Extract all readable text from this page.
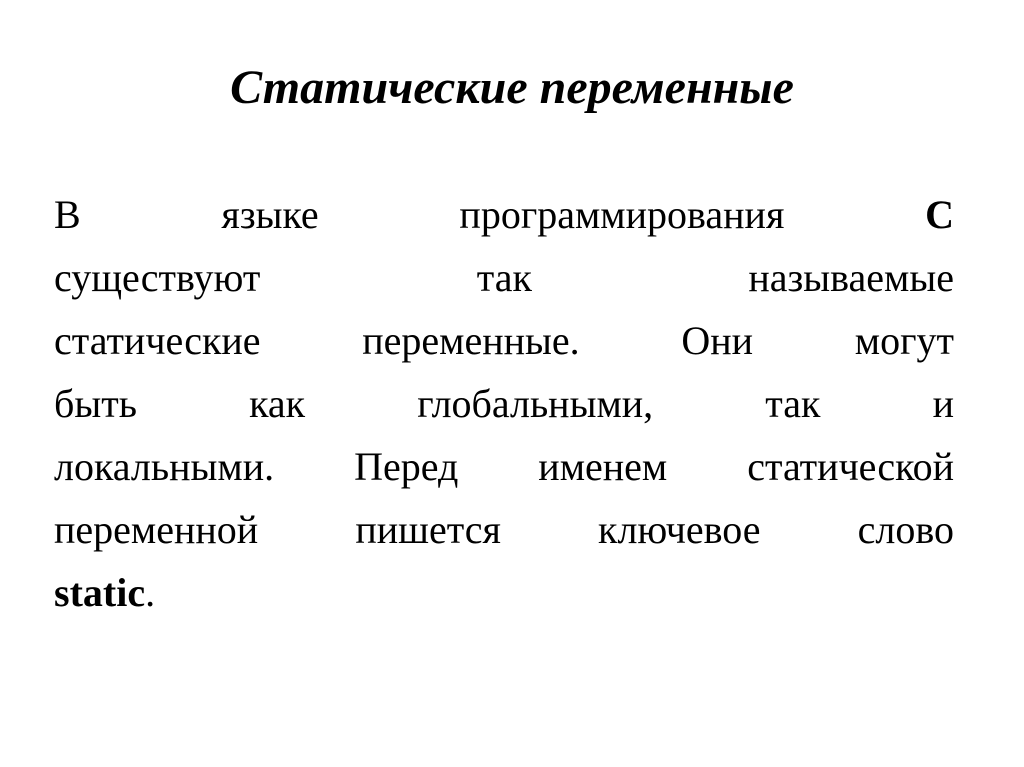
Статические переменные
В	языке	программирования	С
существуют	так	называемые
статические	переменные.	Они	могут
быть	как	глобальными,	так	и
локальными. Перед именем статической
переменной пишется ключевое слово
static .
